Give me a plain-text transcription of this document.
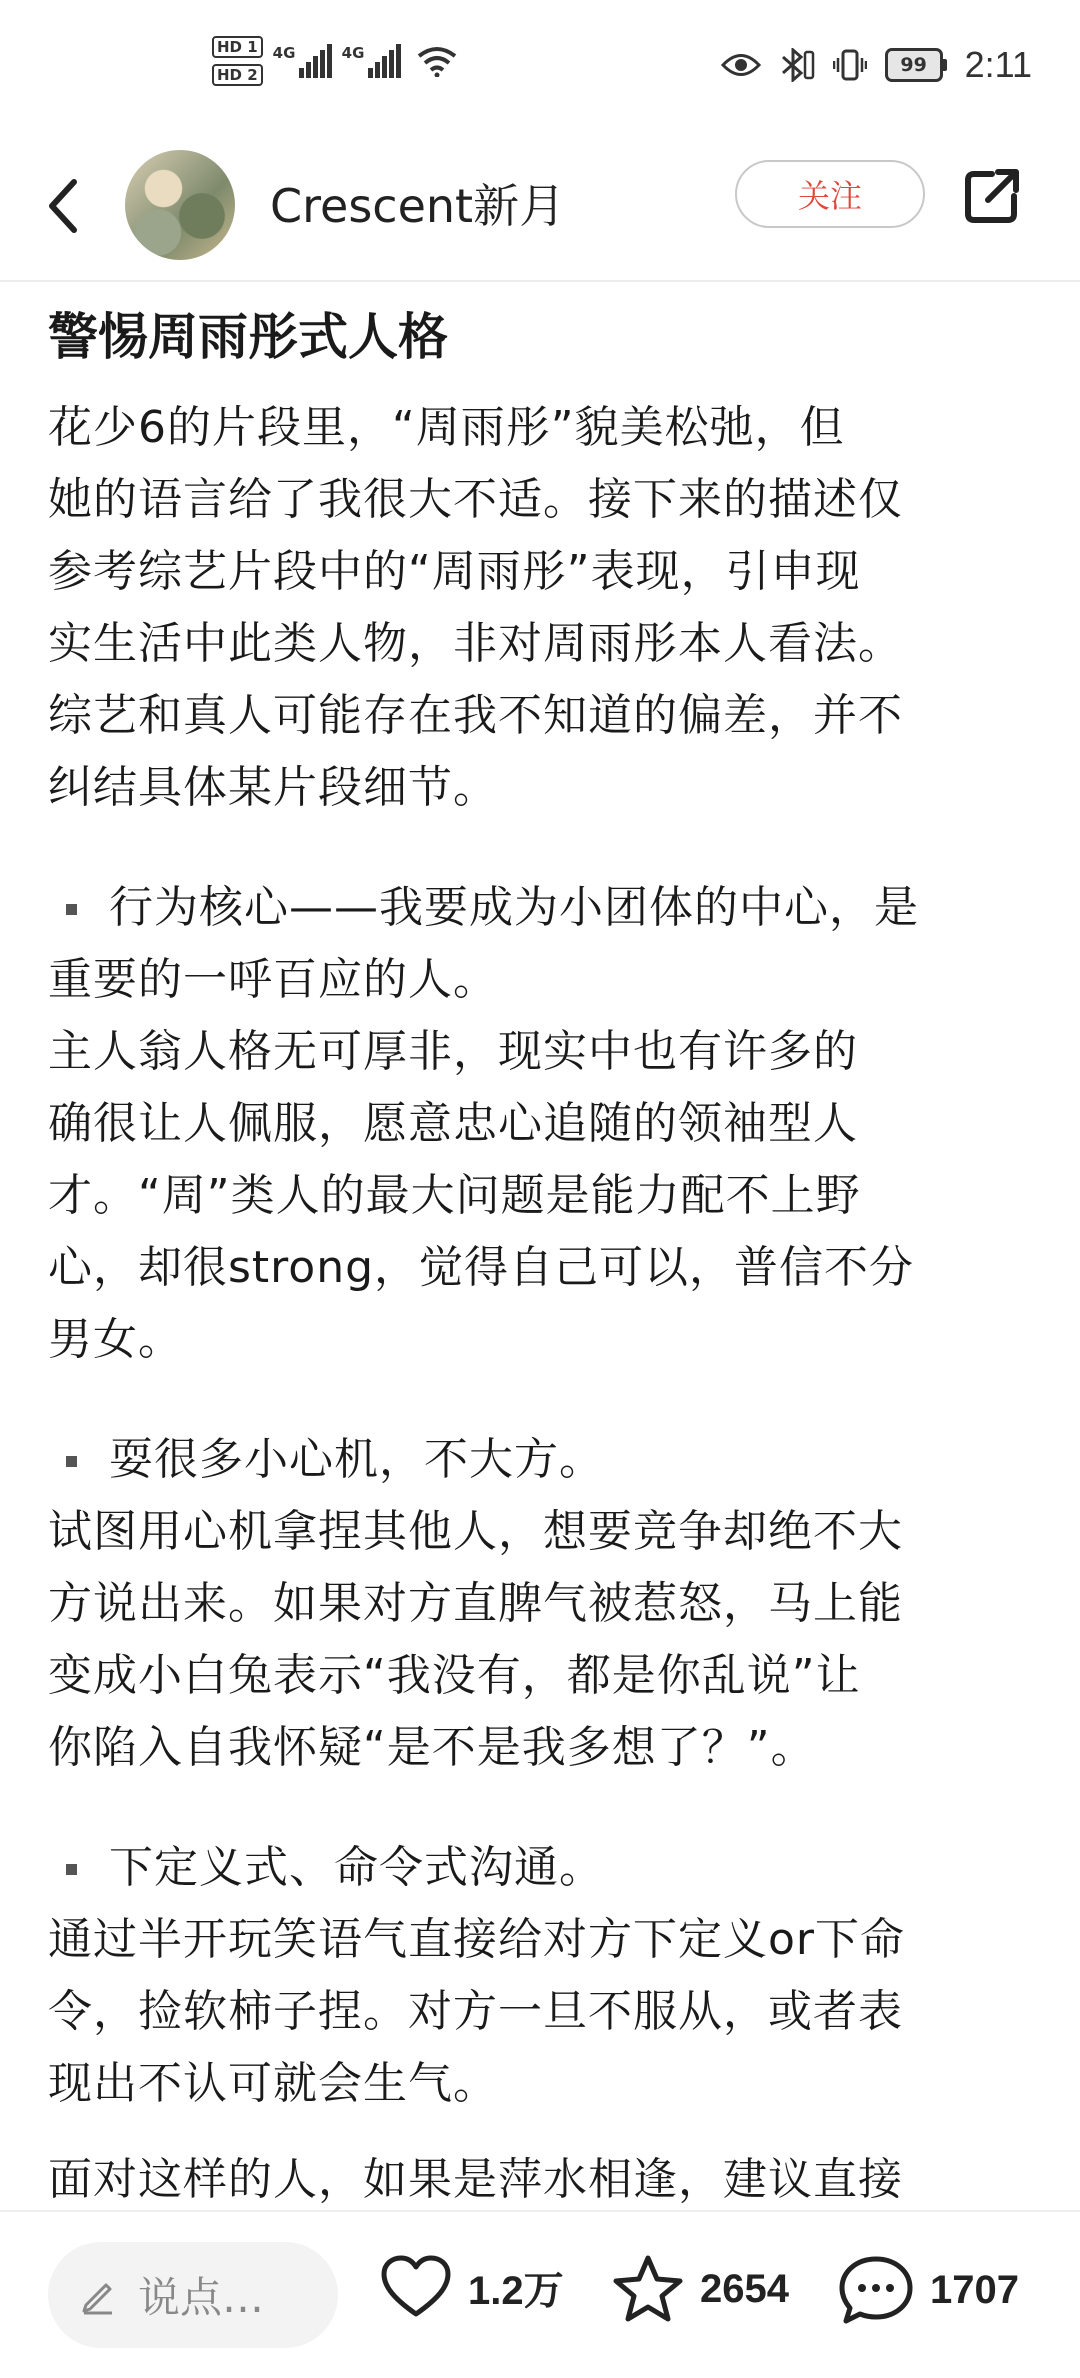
HD 1
HD 2
4G	4G
99	2:11
Crescent新月	关注
警惕周雨彤式人格

花少6的片段里，“周雨彤”貌美松弛，但

她的语言给了我很大不适。接下来的描述仅

参考综艺片段中的“周雨彤”表现，引申现

实生活中此类人物，非对周雨彤本人看法。

综艺和真人可能存在我不知道的偏差，并不

纠结具体某片段细节。

行为核心——我要成为小团体的中心，是

重要的一呼百应的人。

主人翁人格无可厚非，现实中也有许多的

确很让人佩服，愿意忠心追随的领袖型人

才。“周”类人的最大问题是能力配不上野

心，却很strong，觉得自己可以，普信不分

男女。

耍很多小心机，不大方。

试图用心机拿捏其他人，想要竞争却绝不大

方说出来。如果对方直脾气被惹怒，马上能

变成小白兔表示“我没有，都是你乱说”让

你陷入自我怀疑“是不是我多想了？”。

下定义式、命令式沟通。

通过半开玩笑语气直接给对方下定义or下命

令，捡软柿子捏。对方一旦不服从，或者表

现出不认可就会生气。

面对这样的人，如果是萍水相逢，建议直接

说点…	1.2万	2654	1707
